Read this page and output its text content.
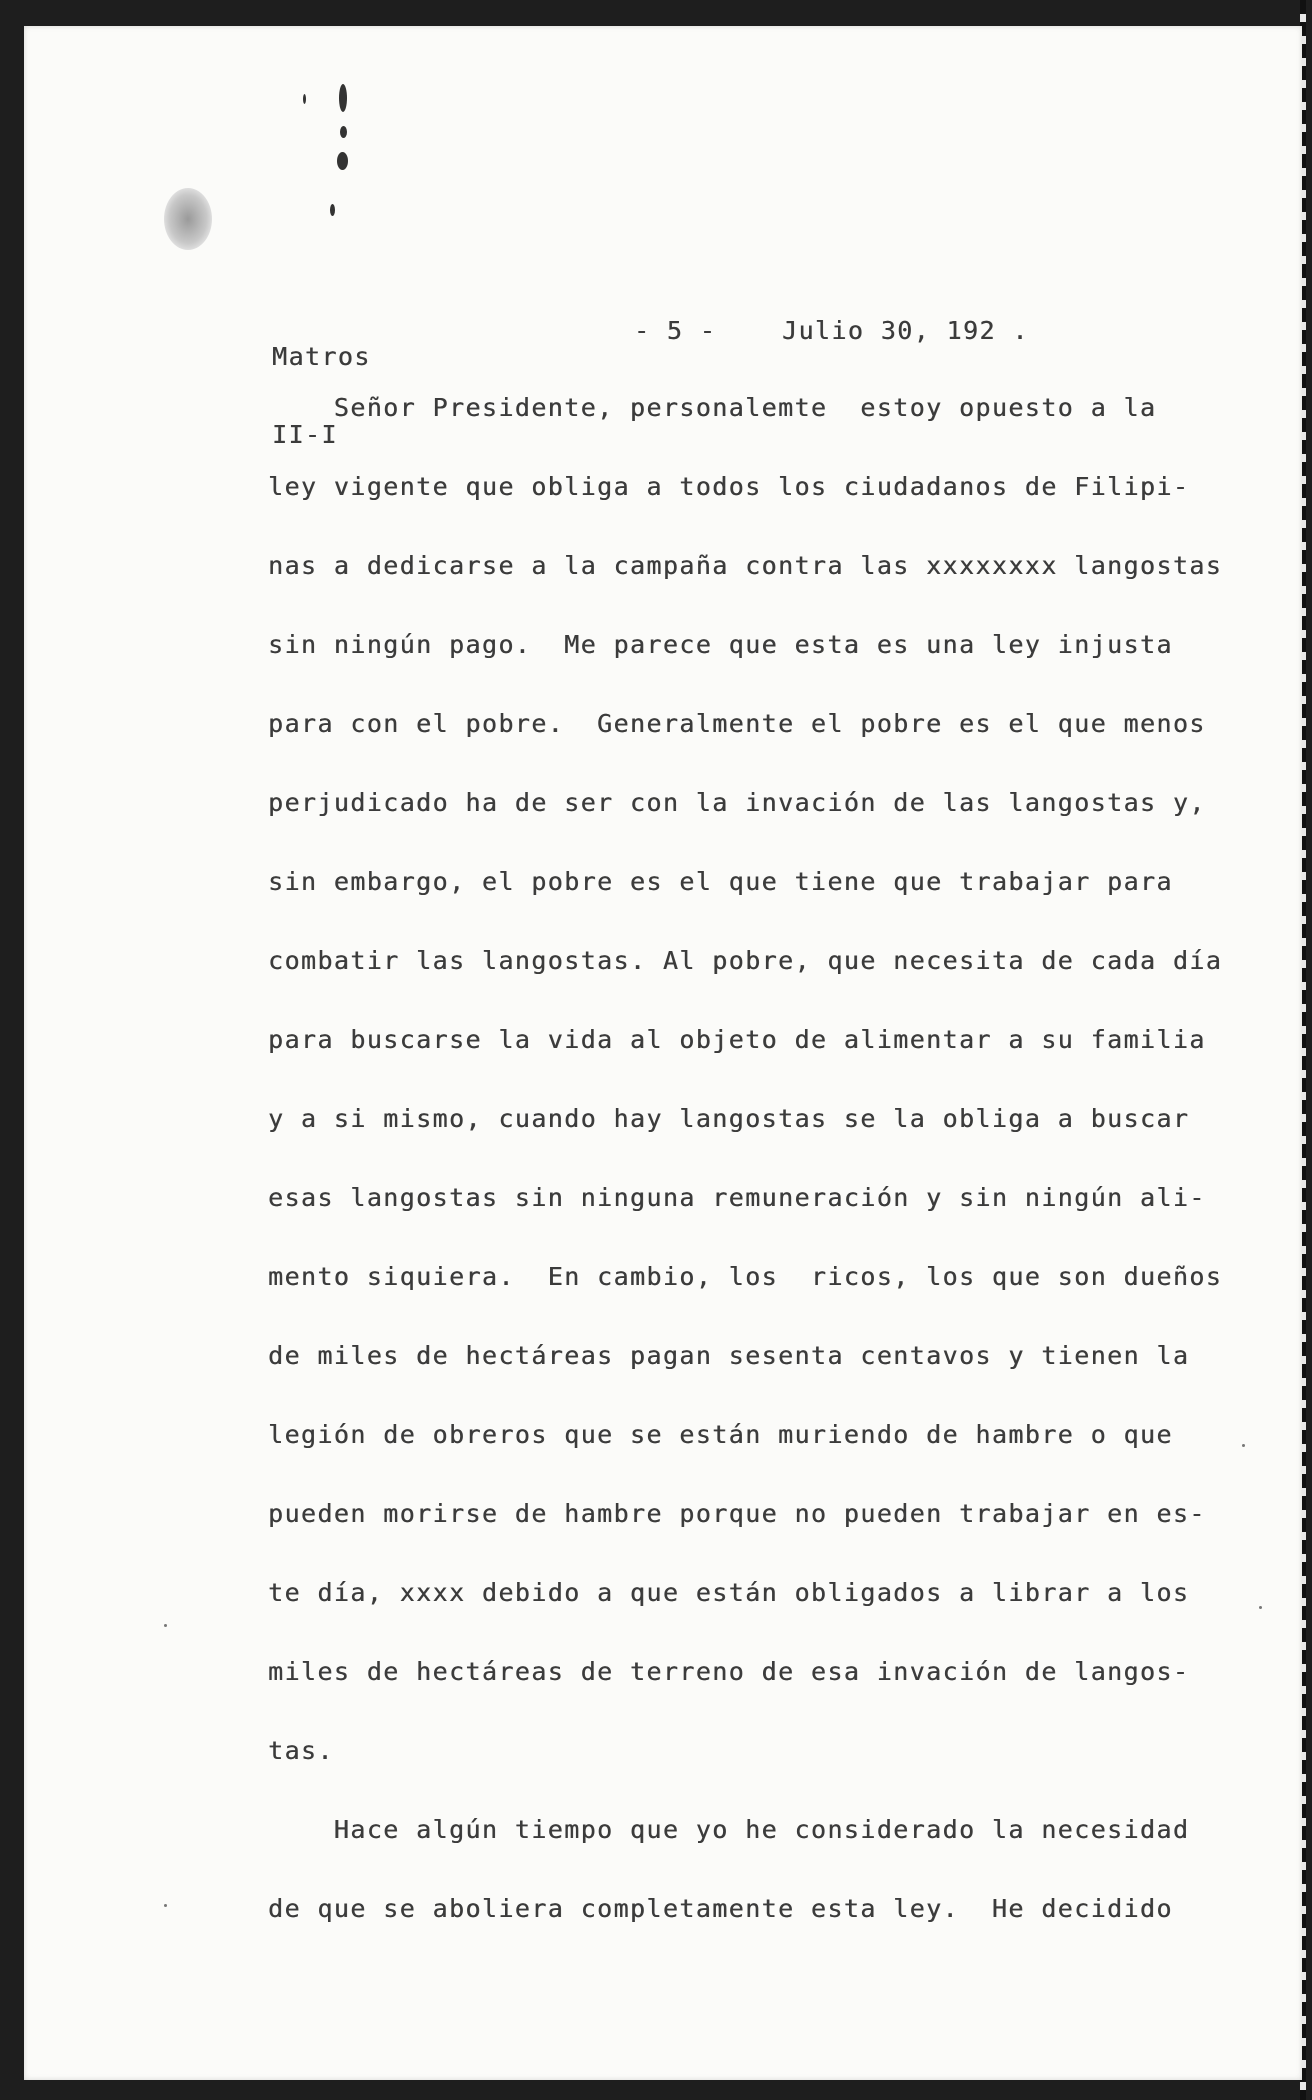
Matros

II-I

- 5 -	Julio 30, 192 .
Señor Presidente, personalemte  estoy opuesto a la
ley vigente que obliga a todos los ciudadanos de Filipi-
nas a dedicarse a la campaña contra las xxxxxxxx langostas
sin ningún pago.  Me parece que esta es una ley injusta
para con el pobre.  Generalmente el pobre es el que menos
perjudicado ha de ser con la invación de las langostas y,
sin embargo, el pobre es el que tiene que trabajar para
combatir las langostas. Al pobre, que necesita de cada día
para buscarse la vida al objeto de alimentar a su familia
y a si mismo, cuando hay langostas se la obliga a buscar
esas langostas sin ninguna remuneración y sin ningún ali-
mento siquiera.  En cambio, los  ricos, los que son dueños
de miles de hectáreas pagan sesenta centavos y tienen la
legión de obreros que se están muriendo de hambre o que
pueden morirse de hambre porque no pueden trabajar en es-
te día, xxxx debido a que están obligados a librar a los
miles de hectáreas de terreno de esa invación de langos-
tas.
Hace algún tiempo que yo he considerado la necesidad
de que se aboliera completamente esta ley.  He decidido
